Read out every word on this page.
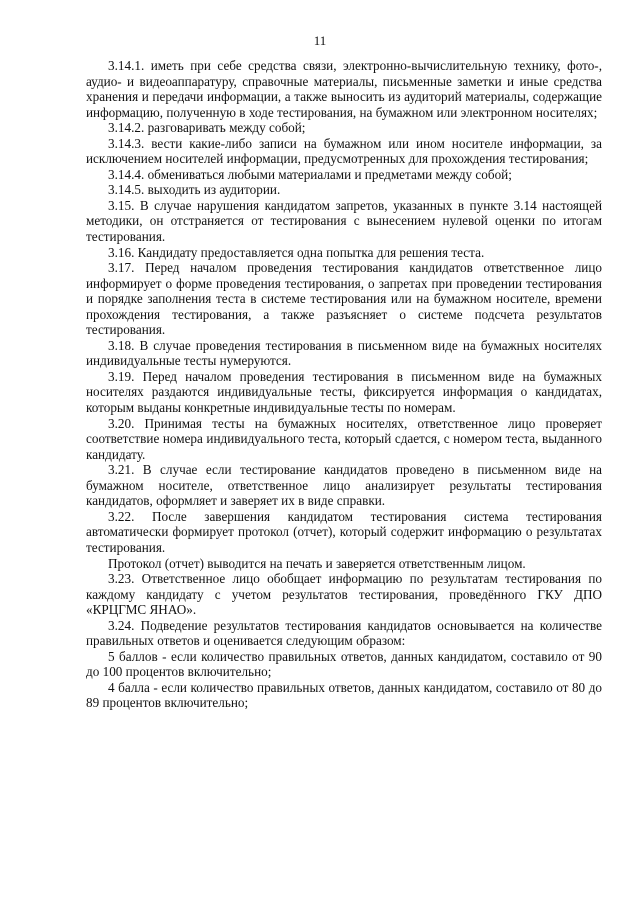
11

3.14.1. иметь при себе средства связи, электронно-вычислительную технику, фото-, аудио- и видеоаппаратуру, справочные материалы, письменные заметки и иные средства хранения и передачи информации, а также выносить из аудиторий материалы, содержащие информацию, полученную в ходе тестирования, на бумажном или электронном носителях;

3.14.2. разговаривать между собой;

3.14.3. вести какие-либо записи на бумажном или ином носителе информации, за исключением носителей информации, предусмотренных для прохождения тестирования;

3.14.4. обмениваться любыми материалами и предметами между собой;

3.14.5. выходить из аудитории.

3.15. В случае нарушения кандидатом запретов, указанных в пункте 3.14 настоящей методики, он отстраняется от тестирования с вынесением нулевой оценки по итогам тестирования.

3.16. Кандидату предоставляется одна попытка для решения теста.

3.17. Перед началом проведения тестирования кандидатов ответственное лицо информирует о форме проведения тестирования, о запретах при проведении тестирования и порядке заполнения теста в системе тестирования или на бумажном носителе, времени прохождения тестирования, а также разъясняет о системе подсчета результатов тестирования.

3.18. В случае проведения тестирования в письменном виде на бумажных носителях индивидуальные тесты нумеруются.

3.19. Перед началом проведения тестирования в письменном виде на бумажных носителях раздаются индивидуальные тесты, фиксируется информация о кандидатах, которым выданы конкретные индивидуальные тесты по номерам.

3.20. Принимая тесты на бумажных носителях, ответственное лицо проверяет соответствие номера индивидуального теста, который сдается, с номером теста, выданного кандидату.

3.21. В случае если тестирование кандидатов проведено в письменном виде на бумажном носителе, ответственное лицо анализирует результаты тестирования кандидатов, оформляет и заверяет их в виде справки.

3.22. После завершения кандидатом тестирования система тестирования автоматически формирует протокол (отчет), который содержит информацию о результатах тестирования.

Протокол (отчет) выводится на печать и заверяется ответственным лицом.

3.23. Ответственное лицо обобщает информацию по результатам тестирования по каждому кандидату с учетом результатов тестирования, проведённого ГКУ ДПО «КРЦГМС ЯНАО».

3.24. Подведение результатов тестирования кандидатов основывается на количестве правильных ответов и оценивается следующим образом:

5 баллов - если количество правильных ответов, данных кандидатом, составило от 90 до 100 процентов включительно;

4 балла - если количество правильных ответов, данных кандидатом, составило от 80 до 89 процентов включительно;
